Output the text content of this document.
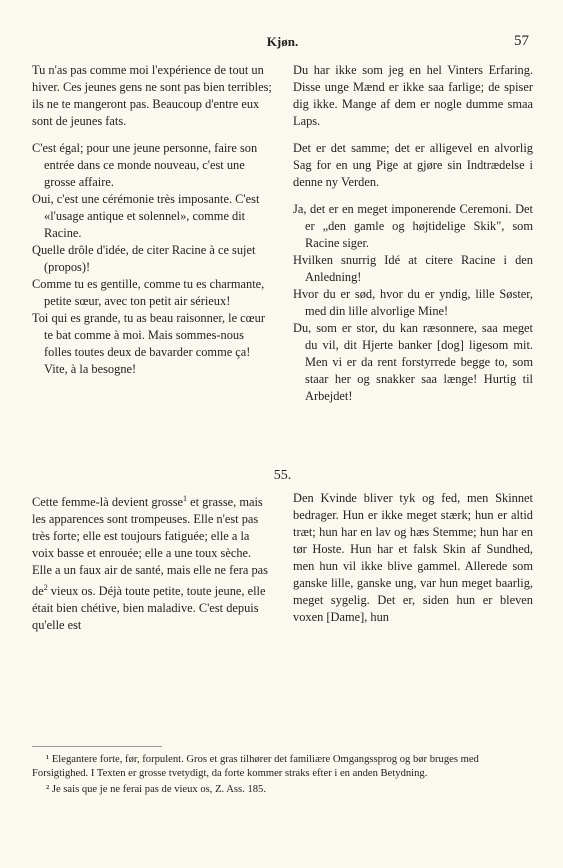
Kjøn.	57

Tu n'as pas comme moi l'expérience de tout un hiver. Ces jeunes gens ne sont pas bien terribles; ils ne te mangeront pas. Beaucoup d'entre eux sont de jeunes fats.

C'est égal; pour une jeune personne, faire son entrée dans ce monde nouveau, c'est une grosse affaire.

Oui, c'est une cérémonie très imposante. C'est «l'usage antique et solennel», comme dit Racine.

Quelle drôle d'idée, de citer Racine à ce sujet (propos)!

Comme tu es gentille, comme tu es charmante, petite sœur, avec ton petit air sérieux!

Toi qui es grande, tu as beau raisonner, le cœur te bat comme à moi. Mais sommes-nous folles toutes deux de bavarder comme ça! Vite, à la besogne!

Du har ikke som jeg en hel Vinters Erfaring. Disse unge Mænd er ikke saa farlige; de spiser dig ikke. Mange af dem er nogle dumme smaa Laps.

Det er det samme; det er alligevel en alvorlig Sag for en ung Pige at gjøre sin Indtrædelse i denne ny Verden.

Ja, det er en meget imponerende Ceremoni. Det er „den gamle og højtidelige Skik", som Racine siger.

Hvilken snurrig Idé at citere Racine i den Anledning!

Hvor du er sød, hvor du er yndig, lille Søster, med din lille alvorlige Mine!

Du, som er stor, du kan ræsonnere, saa meget du vil, dit Hjerte banker [dog] ligesom mit. Men vi er da rent forstyrrede begge to, som staar her og snakker saa længe! Hurtig til Arbejdet!

55.

Cette femme-là devient grosse$^1$ et grasse, mais les apparences sont trompeuses. Elle n'est pas très forte; elle est toujours fatiguée; elle a la voix basse et enrouée; elle a une toux sèche. Elle a un faux air de santé, mais elle ne fera pas $de^2$ vieux os. Déjà toute petite, toute jeune, elle était bien chétive, bien maladive. C'est depuis qu'elle est

Den Kvinde bliver tyk og fed, men Skinnet bedrager. Hun er ikke meget stærk; hun er altid træt; hun har en lav og hæs Stemme; hun har en tør Hoste. Hun har et falsk Skin af Sundhed, men hun vil ikke blive gammel. Allerede som ganske lille, ganske ung, var hun meget baarlig, meget sygelig. Det er, siden hun er bleven voxen [Dame], hun

¹ Elegantere forte, før, forpulent. Gros et gras tilhører det familiære Omgangssprog og bør bruges med Forsigtighed. I Texten er grosse tvetydigt, da forte kommer straks efter i en anden Betydning.

² Je sais que je ne ferai pas de vieux os, Z. Ass. 185.
